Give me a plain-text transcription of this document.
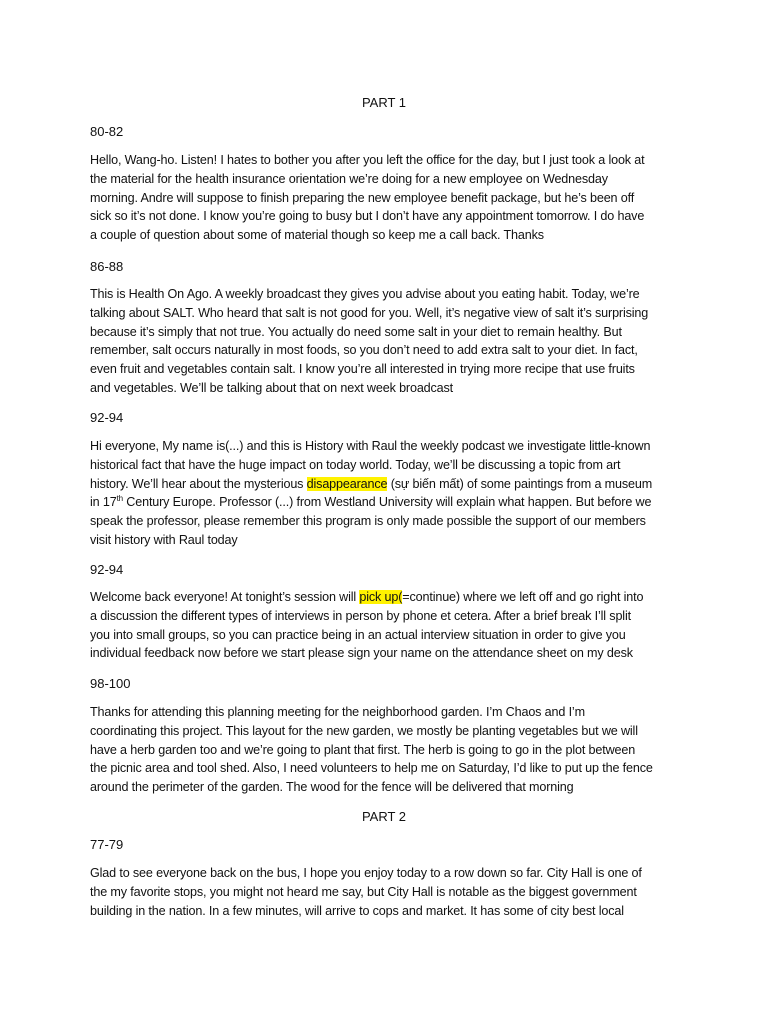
PART 1
80-82
Hello, Wang-ho. Listen! I hates to bother you after you left the office for the day, but I just took a look at
the material for the health insurance orientation we’re doing for a new employee on Wednesday
morning. Andre will suppose to finish preparing the new employee benefit package, but he’s been off
sick so it’s not done. I know you’re going to busy but I don’t have any appointment tomorrow. I do have
a couple of question about some of material though so keep me a call back. Thanks
86-88
This is Health On Ago. A weekly broadcast they gives you advise about you eating habit. Today, we’re
talking about SALT. Who heard that salt is not good for you. Well, it’s negative view of salt it’s surprising
because it’s simply that not true. You actually do need some salt in your diet to remain healthy. But
remember, salt occurs naturally in most foods, so you don’t need to add extra salt to your diet. In fact,
even fruit and vegetables contain salt. I know you’re all interested in trying more recipe that use fruits
and vegetables. We’ll be talking about that on next week broadcast
92-94
Hi everyone, My name is(...) and this is History with Raul the weekly podcast we investigate little-known
historical fact that have the huge impact on today world. Today, we’ll be discussing a topic from art
history. We’ll hear about the mysterious disappearance (sự biến mất) of some paintings from a museum
in 17th Century Europe. Professor (...) from Westland University will explain what happen. But before we
speak the professor, please remember this program is only made possible the support of our members
visit history with Raul today
92-94
Welcome back everyone! At tonight’s session will pick up(=continue) where we left off and go right into
a discussion the different types of interviews in person by phone et cetera. After a brief break I’ll split
you into small groups, so you can practice being in an actual interview situation in order to give you
individual feedback now before we start please sign your name on the attendance sheet on my desk
98-100
Thanks for attending this planning meeting for the neighborhood garden. I’m Chaos and I’m
coordinating this project. This layout for the new garden, we mostly be planting vegetables but we will
have a herb garden too and we’re going to plant that first. The herb is going to go in the plot between
the picnic area and tool shed. Also, I need volunteers to help me on Saturday, I’d like to put up the fence
around the perimeter of the garden. The wood for the fence will be delivered that morning
PART 2
77-79
Glad to see everyone back on the bus, I hope you enjoy today to a row down so far. City Hall is one of
the my favorite stops, you might not heard me say, but City Hall is notable as the biggest government
building in the nation. In a few minutes, will arrive to cops and market. It has some of city best local
